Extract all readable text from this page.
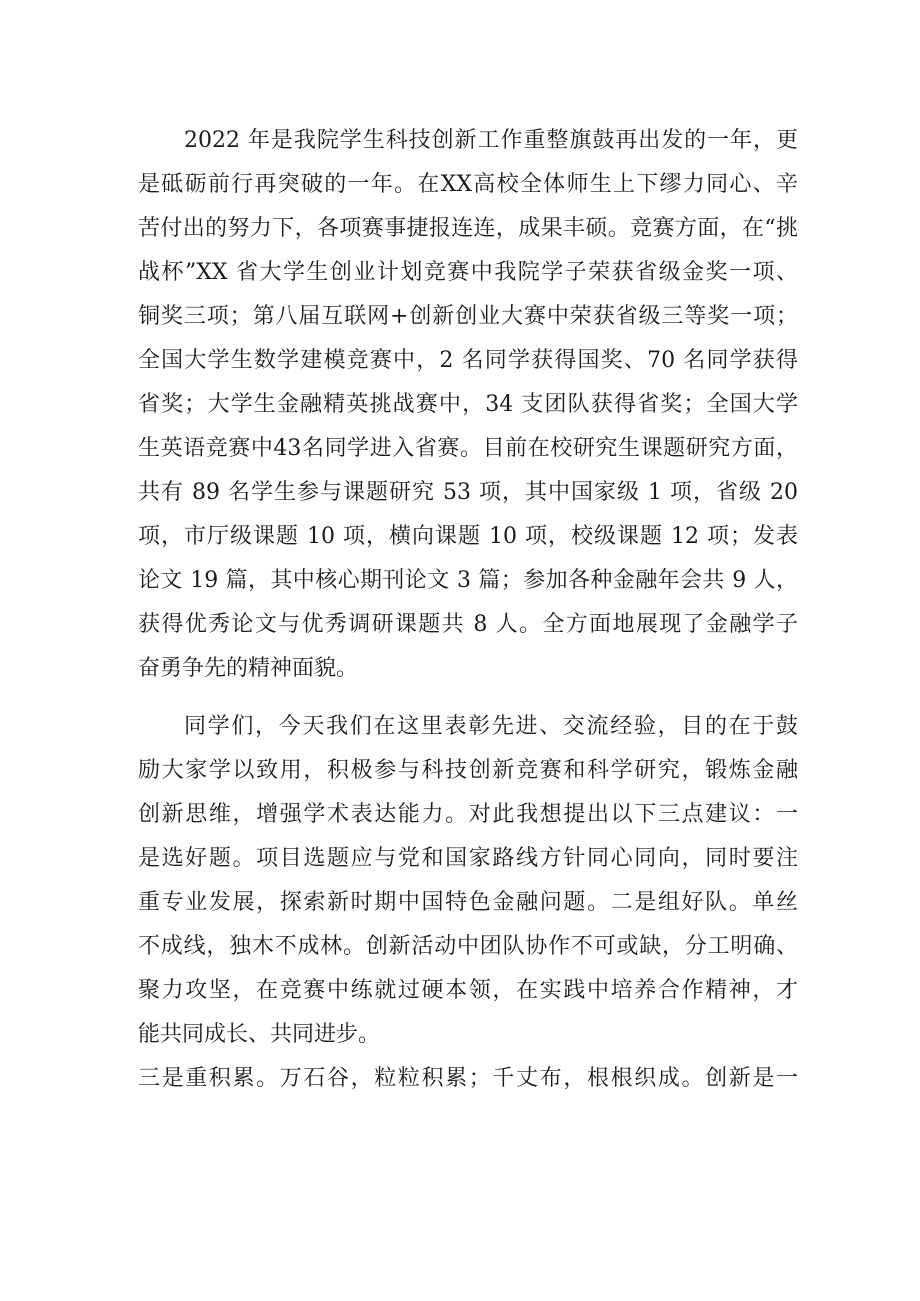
2022 年是我院学生科技创新工作重整旗鼓再出发的一年，更
是砥砺前行再突破的一年。在XX高校全体师生上下缪力同心、辛
苦付出的努力下，各项赛事捷报连连，成果丰硕。竞赛方面，在“挑
战杯”XX 省大学生创业计划竞赛中我院学子荣获省级金奖一项、
铜奖三项；第八届互联网+创新创业大赛中荣获省级三等奖一项；
全国大学生数学建模竞赛中，2 名同学获得国奖、70 名同学获得
省奖；大学生金融精英挑战赛中，34 支团队获得省奖；全国大学
生英语竞赛中43名同学进入省赛。目前在校研究生课题研究方面，
共有 89 名学生参与课题研究 53 项，其中国家级 1 项，省级 20
项，市厅级课题 10 项，横向课题 10 项，校级课题 12 项；发表
论文 19 篇，其中核心期刊论文 3 篇；参加各种金融年会共 9 人，
获得优秀论文与优秀调研课题共 8 人。全方面地展现了金融学子
奋勇争先的精神面貌。
同学们，今天我们在这里表彰先进、交流经验，目的在于鼓
励大家学以致用，积极参与科技创新竞赛和科学研究，锻炼金融
创新思维，增强学术表达能力。对此我想提出以下三点建议：一
是选好题。项目选题应与党和国家路线方针同心同向，同时要注
重专业发展，探索新时期中国特色金融问题。二是组好队。单丝
不成线，独木不成林。创新活动中团队协作不可或缺，分工明确、
聚力攻坚，在竞赛中练就过硬本领，在实践中培养合作精神，才
能共同成长、共同进步。
三是重积累。万石谷，粒粒积累；千丈布，根根织成。创新是一
